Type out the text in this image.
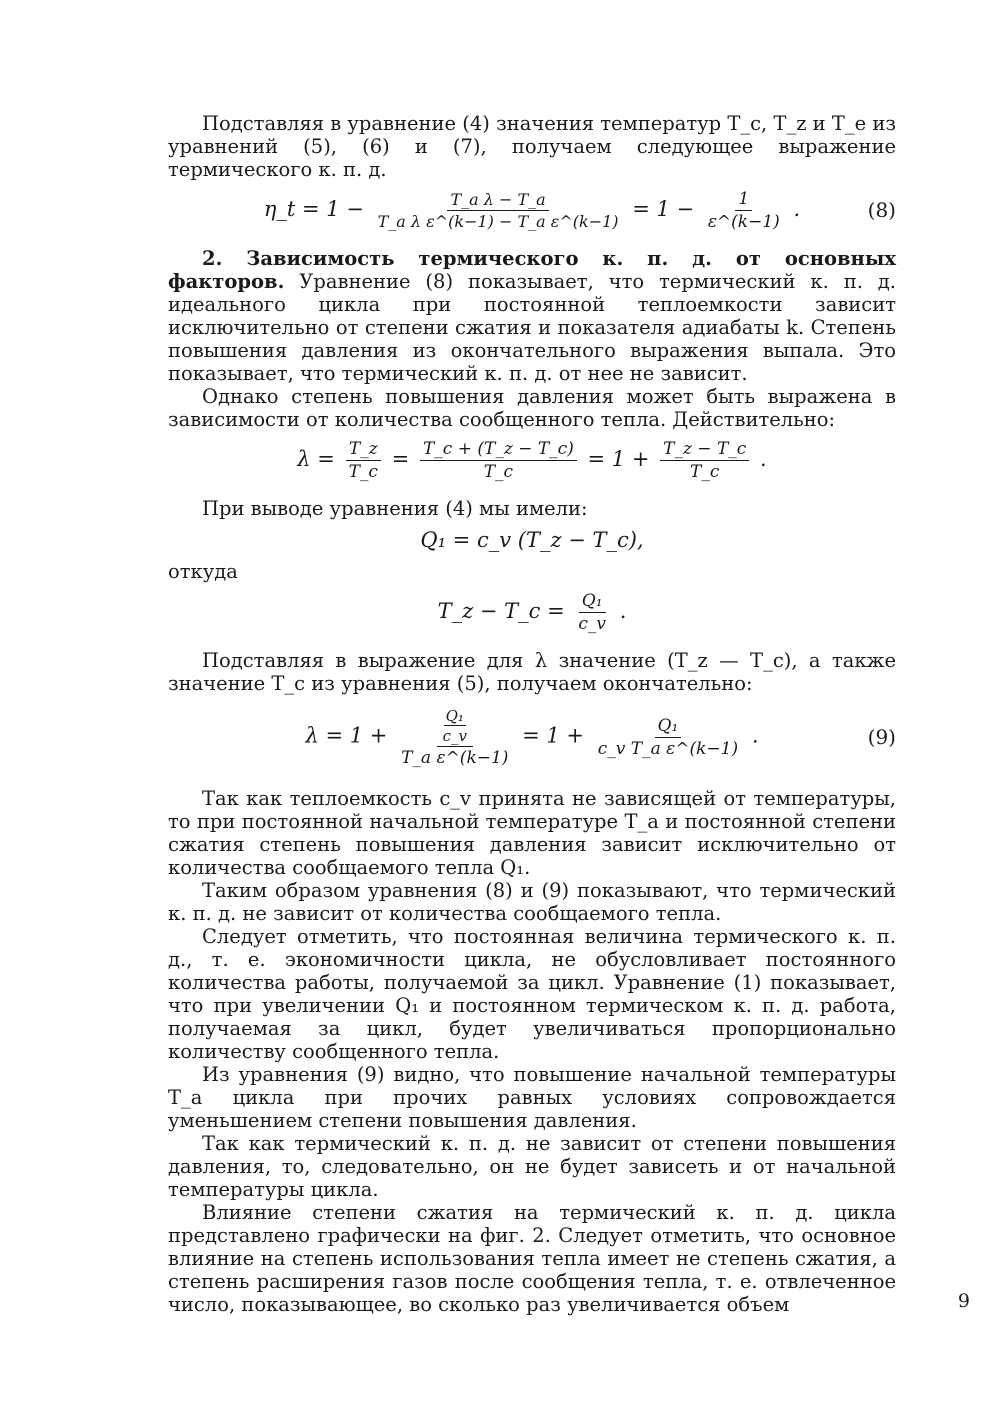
Подставляя в уравнение (4) значения температур T_c, T_z и T_e из уравнений (5), (6) и (7), получаем следующее выражение термического к. п. д.

η_t = $1 - \frac{\text{T\_a λ − T\_a}}{\text{T\_a λ ε\textasciicircum{}(k−1) − T\_a ε\textasciicircum{}(k−1)}} = 1 - \frac{1}{\varepsilon\^{}(k-1)}$ .	(8)

2. Зависимость термического к. п. д. от основных факторов. Уравнение (8) показывает, что термический к. п. д. идеального цикла при постоянной теплоемкости зависит исключительно от степени сжатия и показателя адиабаты k. Степень повышения давления из окончательного выражения выпала. Это показывает, что термический к. п. д. от нее не зависит.

Однако степень повышения давления может быть выражена в зависимости от количества сообщенного тепла. Действительно:

$\lambda = \frac{T\_z}{T\_c} = \frac{T\_c + (T\_z - T\_c)}{T\_c} = 1 + \frac{T\_z - T\_c}{T\_c}$ .

При выводе уравнения (4) мы имели:

Q₁ = c_v (T_z − T_c),

откуда

T_z − T_c = $\frac{\text{Q₁}}{c\_v}$ .

Подставляя в выражение для λ значение (T_z — T_c), а также значение T_c из уравнения (5), получаем окончательно:

$\lambda = 1 + \frac{\frac{\text{Q₁}}{c\_v}}{\text{T\_a ε\textasciicircum{}(k−1)}} = 1 + \frac{\text{Q₁}}{\text{c\_v T\_a ε\textasciicircum{}(k−1)}}$ .	(9)

Так как теплоемкость c_v принята не зависящей от температуры, то при постоянной начальной температуре T_a и постоянной степени сжатия степень повышения давления зависит исключительно от количества сообщаемого тепла Q₁.

Таким образом уравнения (8) и (9) показывают, что термический к. п. д. не зависит от количества сообщаемого тепла.

Следует отметить, что постоянная величина термического к. п. д., т. е. экономичности цикла, не обусловливает постоянного количества работы, получаемой за цикл. Уравнение (1) показывает, что при увеличении Q₁ и постоянном термическом к. п. д. работа, получаемая за цикл, будет увеличиваться пропорционально количеству сообщенного тепла.

Из уравнения (9) видно, что повышение начальной температуры T_a цикла при прочих равных условиях сопровождается уменьшением степени повышения давления.

Так как термический к. п. д. не зависит от степени повышения давления, то, следовательно, он не будет зависеть и от начальной температуры цикла.

Влияние степени сжатия на термический к. п. д. цикла представлено графически на фиг. 2. Следует отметить, что основное влияние на степень использования тепла имеет не степень сжатия, а степень расширения газов после сообщения тепла, т. е. отвлеченное число, показывающее, во сколько раз увеличивается объем	9
